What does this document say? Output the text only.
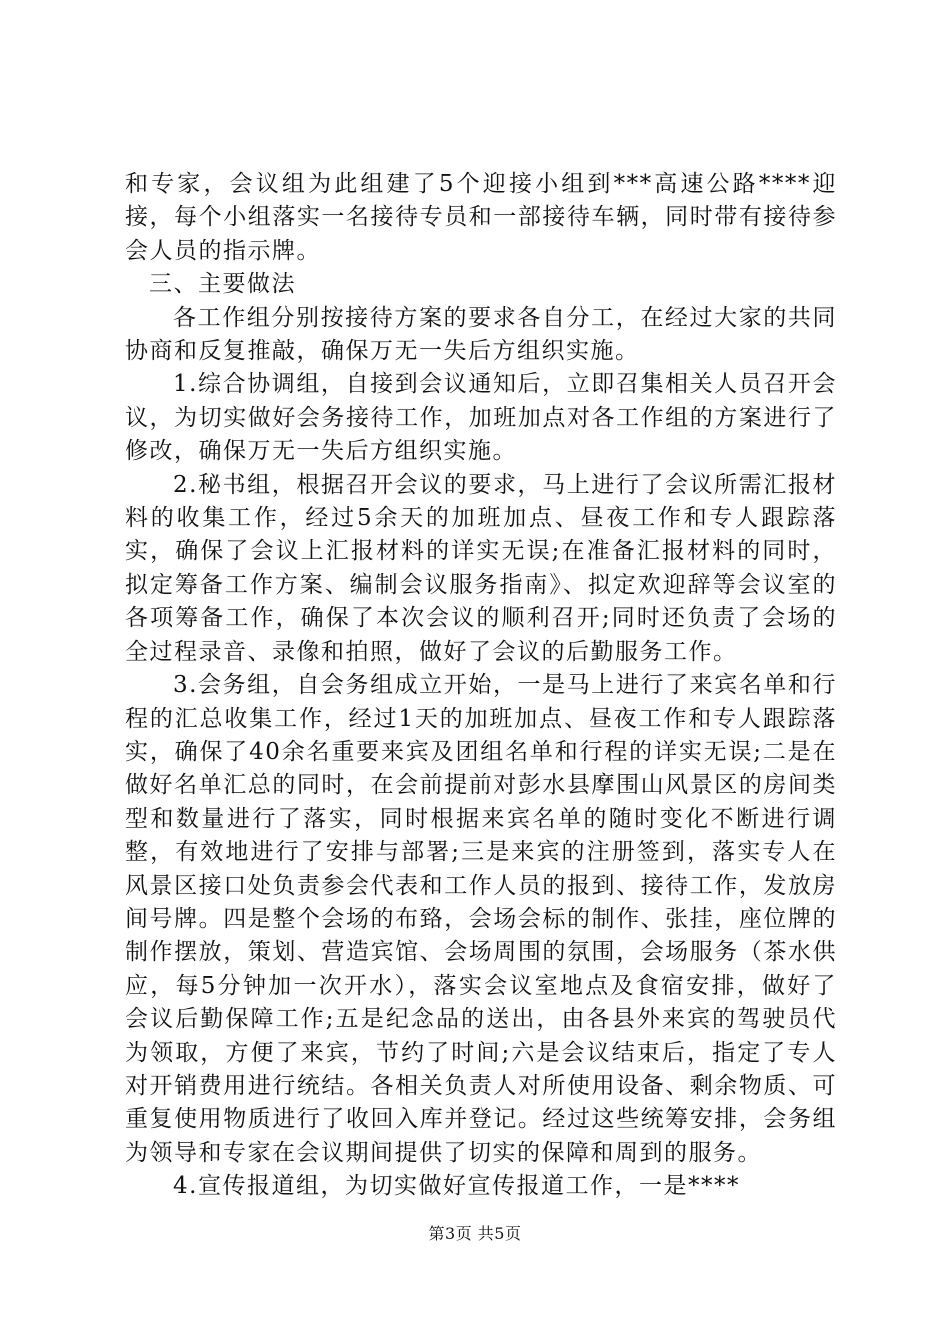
和专家，会议组为此组建了5个迎接小组到***高速公路****迎接，每个小组落实一名接待专员和一部接待车辆，同时带有接待参会人员的指示牌。

三、主要做法

各工作组分别按接待方案的要求各自分工，在经过大家的共同协商和反复推敲，确保万无一失后方组织实施。

1.综合协调组，自接到会议通知后，立即召集相关人员召开会议，为切实做好会务接待工作，加班加点对各工作组的方案进行了修改，确保万无一失后方组织实施。

2.秘书组，根据召开会议的要求，马上进行了会议所需汇报材料的收集工作，经过5余天的加班加点、昼夜工作和专人跟踪落实，确保了会议上汇报材料的详实无误;在准备汇报材料的同时，拟定筹备工作方案、编制会议服务指南》、拟定欢迎辞等会议室的各项筹备工作，确保了本次会议的顺利召开;同时还负责了会场的全过程录音、录像和拍照，做好了会议的后勤服务工作。

3.会务组，自会务组成立开始，一是马上进行了来宾名单和行程的汇总收集工作，经过1天的加班加点、昼夜工作和专人跟踪落实，确保了40余名重要来宾及团组名单和行程的详实无误;二是在做好名单汇总的同时，在会前提前对彭水县摩围山风景区的房间类型和数量进行了落实，同时根据来宾名单的随时变化不断进行调整，有效地进行了安排与部署;三是来宾的注册签到，落实专人在风景区接口处负责参会代表和工作人员的报到、接待工作，发放房间号牌。四是整个会场的布臵，会场会标的制作、张挂，座位牌的制作摆放，策划、营造宾馆、会场周围的氛围，会场服务（茶水供应，每5分钟加一次开水），落实会议室地点及食宿安排，做好了会议后勤保障工作;五是纪念品的送出，由各县外来宾的驾驶员代为领取，方便了来宾，节约了时间;六是会议结束后，指定了专人对开销费用进行统结。各相关负责人对所使用设备、剩余物质、可重复使用物质进行了收回入库并登记。经过这些统筹安排，会务组为领导和专家在会议期间提供了切实的保障和周到的服务。

4.宣传报道组，为切实做好宣传报道工作，一是****

第3页 共5页
